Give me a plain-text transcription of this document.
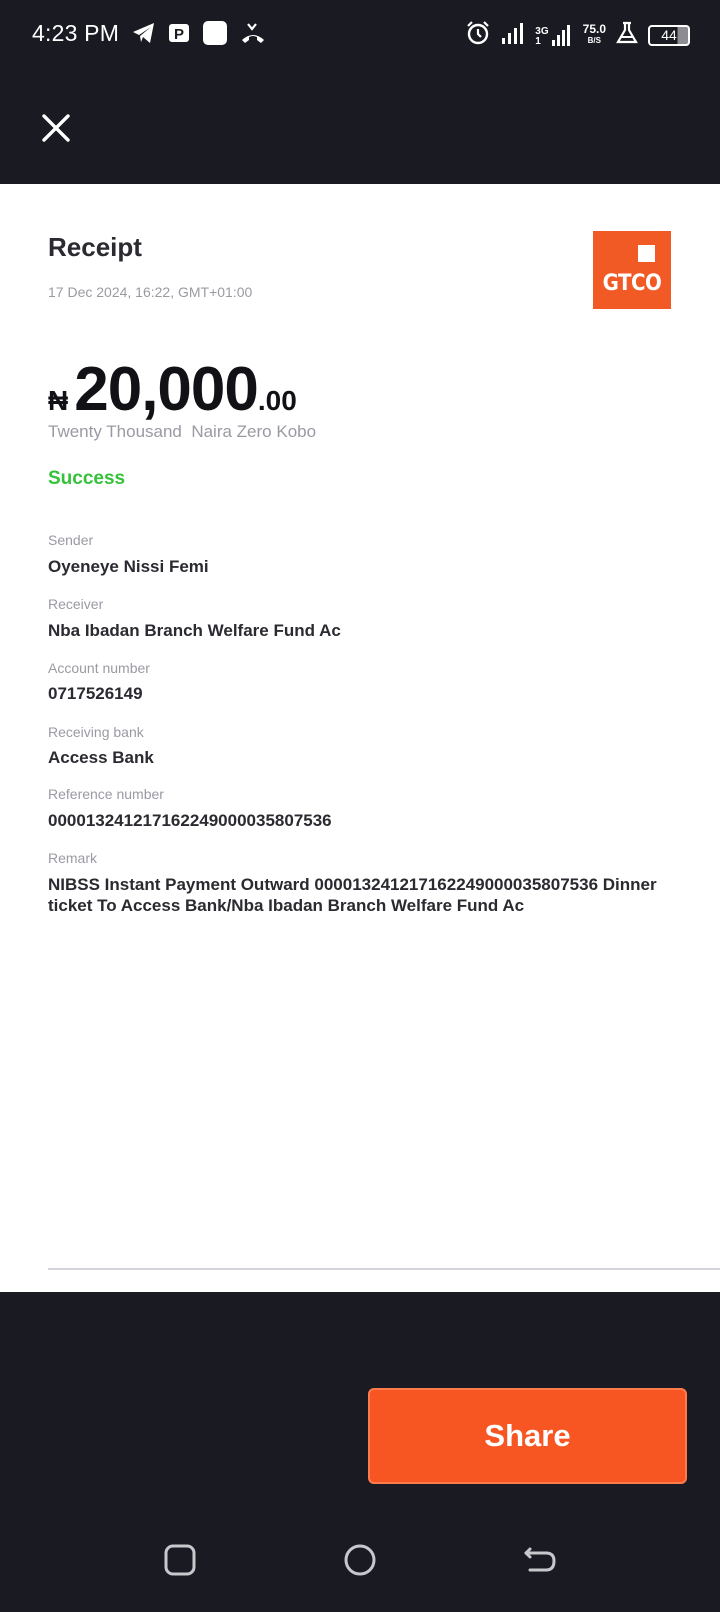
4:23 PM	P	3G
1
75.0
B/S	44
Receipt
17 Dec 2024, 16:22, GMT+01:00	GTCO
₦ 20,000 .00
Twenty Thousand  Naira Zero Kobo
Success
Sender
Oyeneye Nissi Femi
Receiver
Nba Ibadan Branch Welfare Fund Ac
Account number
0717526149
Receiving bank
Access Bank
Reference number
000013241217162249000035807536
Remark
NIBSS Instant Payment Outward 000013241217162249000035807536 Dinner ticket To Access Bank/Nba Ibadan Branch Welfare Fund Ac
Share
